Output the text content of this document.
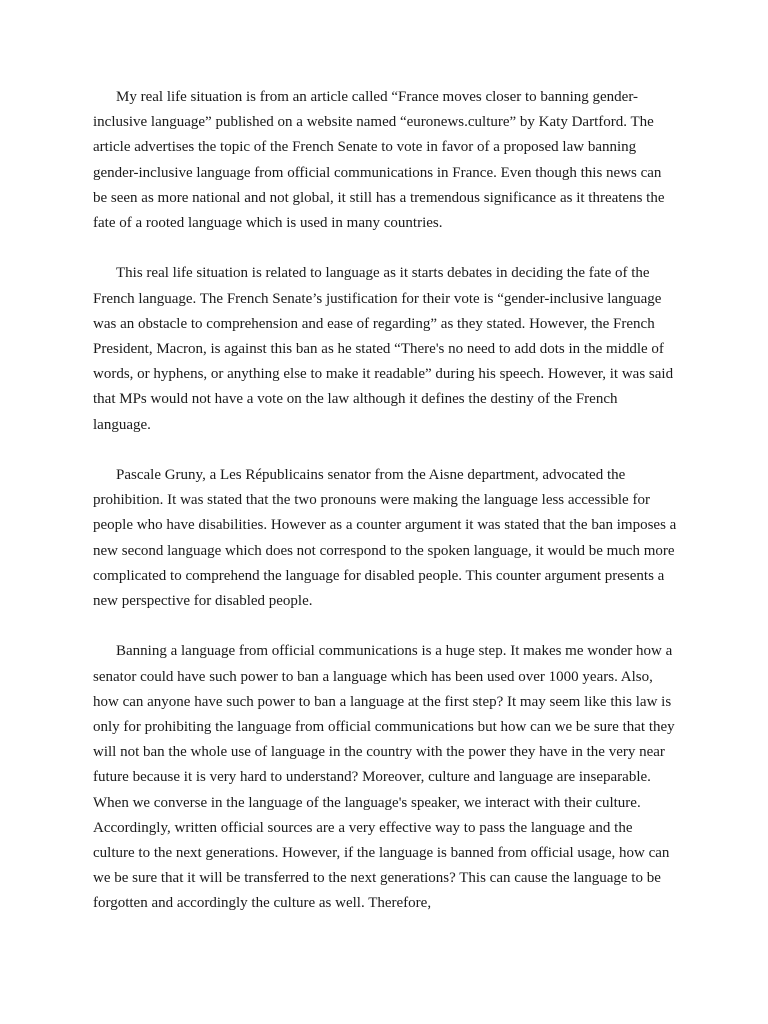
My real life situation is from an article called “France moves closer to banning gender-inclusive language” published on a website named “euronews.culture” by Katy Dartford. The article advertises the topic of the French Senate to vote in favor of a proposed law banning gender-inclusive language from official communications in France. Even though this news can be seen as more national and not global, it still has a tremendous significance as it threatens the fate of a rooted language which is used in many countries.

This real life situation is related to language as it starts debates in deciding the fate of the French language. The French Senate’s justification for their vote is “gender-inclusive language was an obstacle to comprehension and ease of regarding” as they stated. However, the French President, Macron, is against this ban as he stated “There's no need to add dots in the middle of words, or hyphens, or anything else to make it readable” during his speech. However, it was said that MPs would not have a vote on the law although it defines the destiny of the French language.

Pascale Gruny, a Les Républicains senator from the Aisne department, advocated the prohibition. It was stated that the two pronouns were making the language less accessible for people who have disabilities. However as a counter argument it was stated that the ban imposes a new second language which does not correspond to the spoken language, it would be much more complicated to comprehend the language for disabled people. This counter argument presents a new perspective for disabled people.

Banning a language from official communications is a huge step. It makes me wonder how a senator could have such power to ban a language which has been used over 1000 years. Also, how can anyone have such power to ban a language at the first step? It may seem like this law is only for prohibiting the language from official communications but how can we be sure that they will not ban the whole use of language in the country with the power they have in the very near future because it is very hard to understand? Moreover, culture and language are inseparable. When we converse in the language of the language's speaker, we interact with their culture. Accordingly, written official sources are a very effective way to pass the language and the culture to the next generations. However, if the language is banned from official usage, how can we be sure that it will be transferred to the next generations? This can cause the language to be forgotten and accordingly the culture as well. Therefore,
